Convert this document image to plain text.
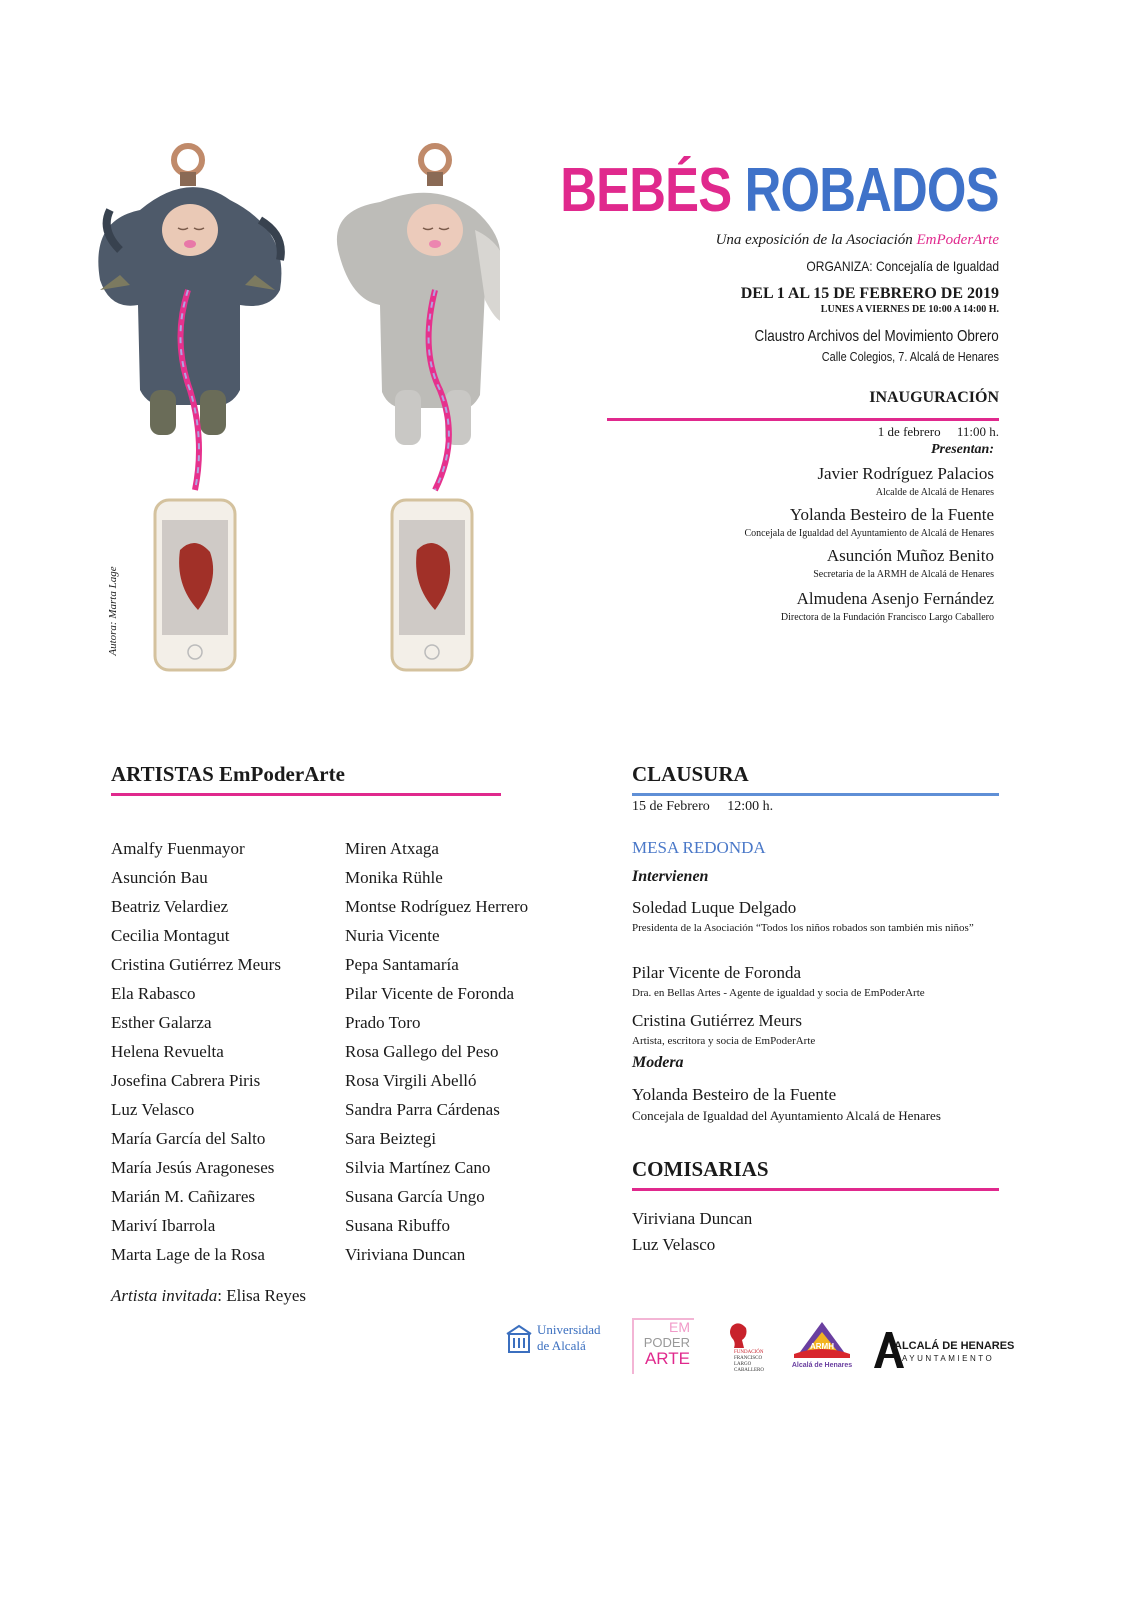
Autora: Marta Lage
BEBÉS ROBADOS
Una exposición de la Asociación EmPoderArte
ORGANIZA: Concejalía de Igualdad
DEL 1 AL 15 DE FEBRERO DE 2019
LUNES A VIERNES DE 10:00 A 14:00 H.
Claustro Archivos del Movimiento Obrero
Calle Colegios, 7. Alcalá de Henares
INAUGURACIÓN
1 de febrero 11:00 h.
Presentan:
Javier Rodríguez Palacios
Alcalde de Alcalá de Henares
Yolanda Besteiro de la Fuente
Concejala de Igualdad del Ayuntamiento de Alcalá de Henares
Asunción Muñoz Benito
Secretaria de la ARMH de Alcalá de Henares
Almudena Asenjo Fernández
Directora de la Fundación Francisco Largo Caballero
ARTISTAS EmPoderArte
Amalfy Fuenmayor
Asunción Bau
Beatriz Velardiez
Cecilia Montagut
Cristina Gutiérrez Meurs
Ela Rabasco
Esther Galarza
Helena Revuelta
Josefina Cabrera Piris
Luz Velasco
María García del Salto
María Jesús Aragoneses
Marián M. Cañizares
Mariví Ibarrola
Marta Lage de la Rosa
Miren Atxaga
Monika Rühle
Montse Rodríguez Herrero
Nuria Vicente
Pepa Santamaría
Pilar Vicente de Foronda
Prado Toro
Rosa Gallego del Peso
Rosa Virgili Abelló
Sandra Parra Cárdenas
Sara Beiztegi
Silvia Martínez Cano
Susana García Ungo
Susana Ribuffo
Viriviana Duncan
Artista invitada: Elisa Reyes
CLAUSURA
15 de Febrero 12:00 h.
MESA REDONDA
Intervienen
Soledad Luque Delgado
Presidenta de la Asociación “Todos los niños robados son también mis niños”
Pilar Vicente de Foronda
Dra. en Bellas Artes - Agente de igualdad y socia de EmPoderArte
Cristina Gutiérrez Meurs
Artista, escritora y socia de EmPoderArte
Modera
Yolanda Besteiro de la Fuente
Concejala de Igualdad del Ayuntamiento Alcalá de Henares
COMISARIAS
Viriviana Duncan
Luz Velasco
Universidad
de Alcalá
EM
PODER
ARTE	FUNDACIÓN
FRANCISCO
LARGO
CABALLERO
ARMH
Alcalá de Henares
ALCALÁ DE HENARES
AYUNTAMIENTO
